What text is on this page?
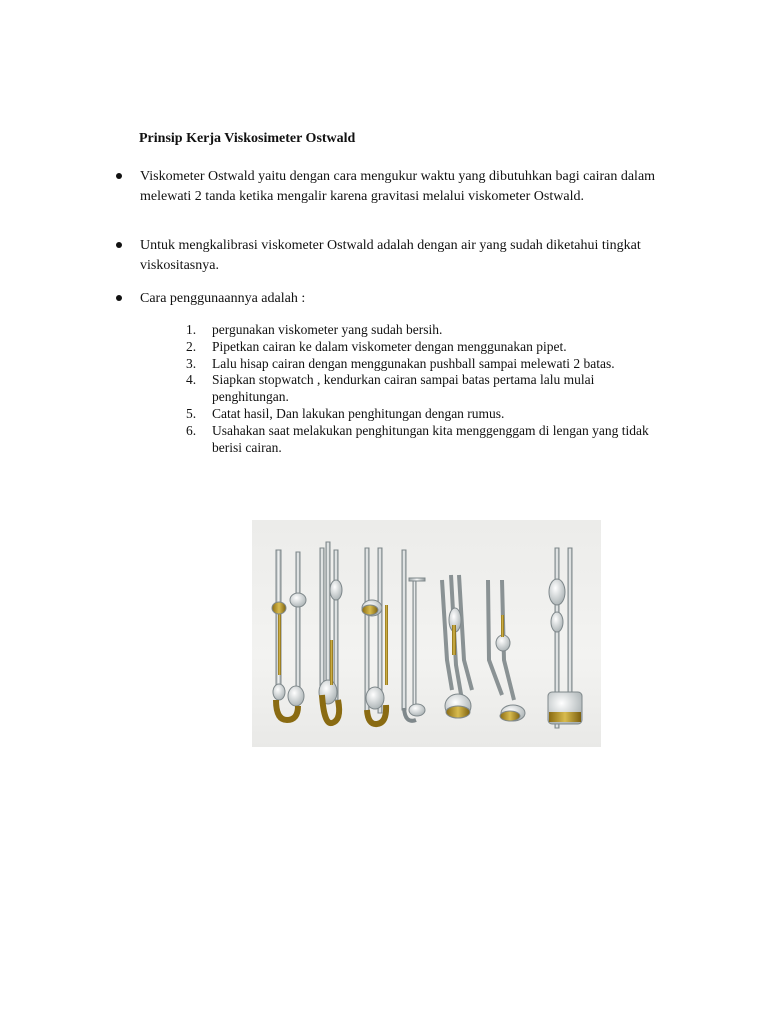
Prinsip Kerja Viskosimeter Ostwald
Viskometer Ostwald yaitu dengan cara mengukur waktu yang dibutuhkan bagi cairan dalam melewati 2 tanda ketika mengalir karena gravitasi melalui viskometer Ostwald.
Untuk mengkalibrasi viskometer Ostwald adalah dengan air yang sudah diketahui tingkat viskositasnya.
Cara penggunaannya adalah :
1. pergunakan viskometer yang sudah bersih.
2. Pipetkan cairan ke dalam viskometer dengan menggunakan pipet.
3. Lalu hisap cairan dengan menggunakan pushball sampai melewati 2 batas.
4. Siapkan stopwatch , kendurkan cairan sampai batas pertama lalu mulai penghitungan.
5. Catat hasil, Dan lakukan penghitungan dengan rumus.
6. Usahakan saat melakukan penghitungan kita menggenggam di lengan yang tidak berisi cairan.
